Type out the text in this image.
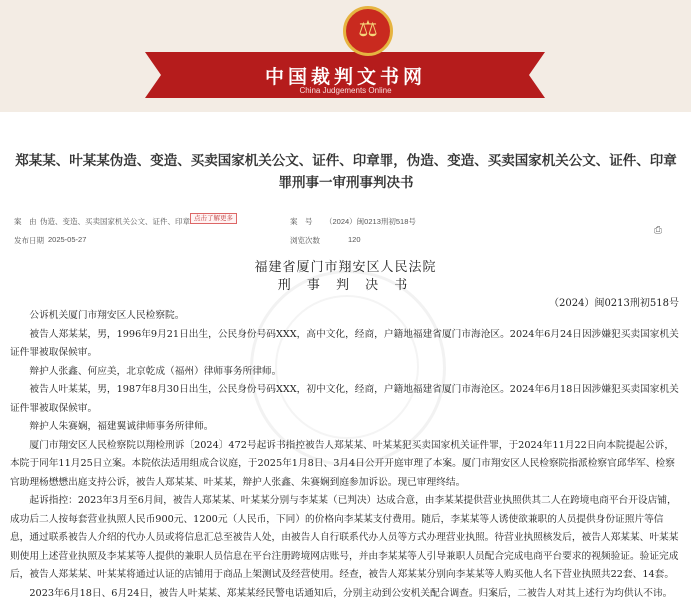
⚖
中国裁判文书网
China Judgements Online
郑某某、叶某某伪造、变造、买卖国家机关公文、证件、印章罪，伪造、变造、买卖国家机关公文、证件、印章罪刑事一审刑事判决书
案　由 伪造、变造、买卖国家机关公文、证件、印章 点击了解更多	案　号 （2024）闽0213刑初518号
发布日期 2025-05-27	浏览次数	120
⎙
福建省厦门市翔安区人民法院
刑 事 判 决 书
（2024）闽0213刑初518号

公诉机关厦门市翔安区人民检察院。

被告人郑某某，男，1996年9月21日出生，公民身份号码XXX，高中文化，经商，户籍地福建省厦门市海沧区。2024年6月24日因涉嫌犯买卖国家机关证件罪被取保候审。

辩护人张鑫、何应美，北京乾成（福州）律师事务所律师。

被告人叶某某，男，1987年8月30日出生，公民身份号码XXX，初中文化，经商，户籍地福建省厦门市海沧区。2024年6月18日因涉嫌犯买卖国家机关证件罪被取保候审。

辩护人朱赛娴，福建翼诚律师事务所律师。

厦门市翔安区人民检察院以翔检刑诉〔2024〕472号起诉书指控被告人郑某某、叶某某犯买卖国家机关证件罪，于2024年11月22日向本院提起公诉，本院于同年11月25日立案。本院依法适用组成合议庭，于2025年1月8日、3月4日公开开庭审理了本案。厦门市翔安区人民检察院指派检察官邱华军、检察官助理杨懋懋出庭支持公诉，被告人郑某某、叶某某，辩护人张鑫、朱赛娴到庭参加诉讼。现已审理终结。

起诉指控：2023年3月至6月间，被告人郑某某、叶某某分别与李某某（已判决）达成合意，由李某某提供营业执照供其二人在跨境电商平台开设店铺，成功后二人按每套营业执照人民币900元、1200元（人民币，下同）的价格向李某某支付费用。随后，李某某等人诱使欲兼职的人员提供身份证照片等信息，通过联系被告人介绍的代办人员或将信息汇总至被告人处，由被告人自行联系代办人员等方式办理营业执照。待营业执照核发后，被告人郑某某、叶某某则使用上述营业执照及李某某等人提供的兼职人员信息在平台注册跨境网店账号，并由李某某等人引导兼职人员配合完成电商平台要求的视频验证。验证完成后，被告人郑某某、叶某某将通过认证的店铺用于商品上架测试及经营使用。经查，被告人郑某某分别向李某某等人购买他人名下营业执照共22套、14套。

2023年6月18日、6月24日，被告人叶某某、郑某某经民警电话通知后，分别主动到公安机关配合调查。归案后，二被告人对其上述行为均供认不讳。
